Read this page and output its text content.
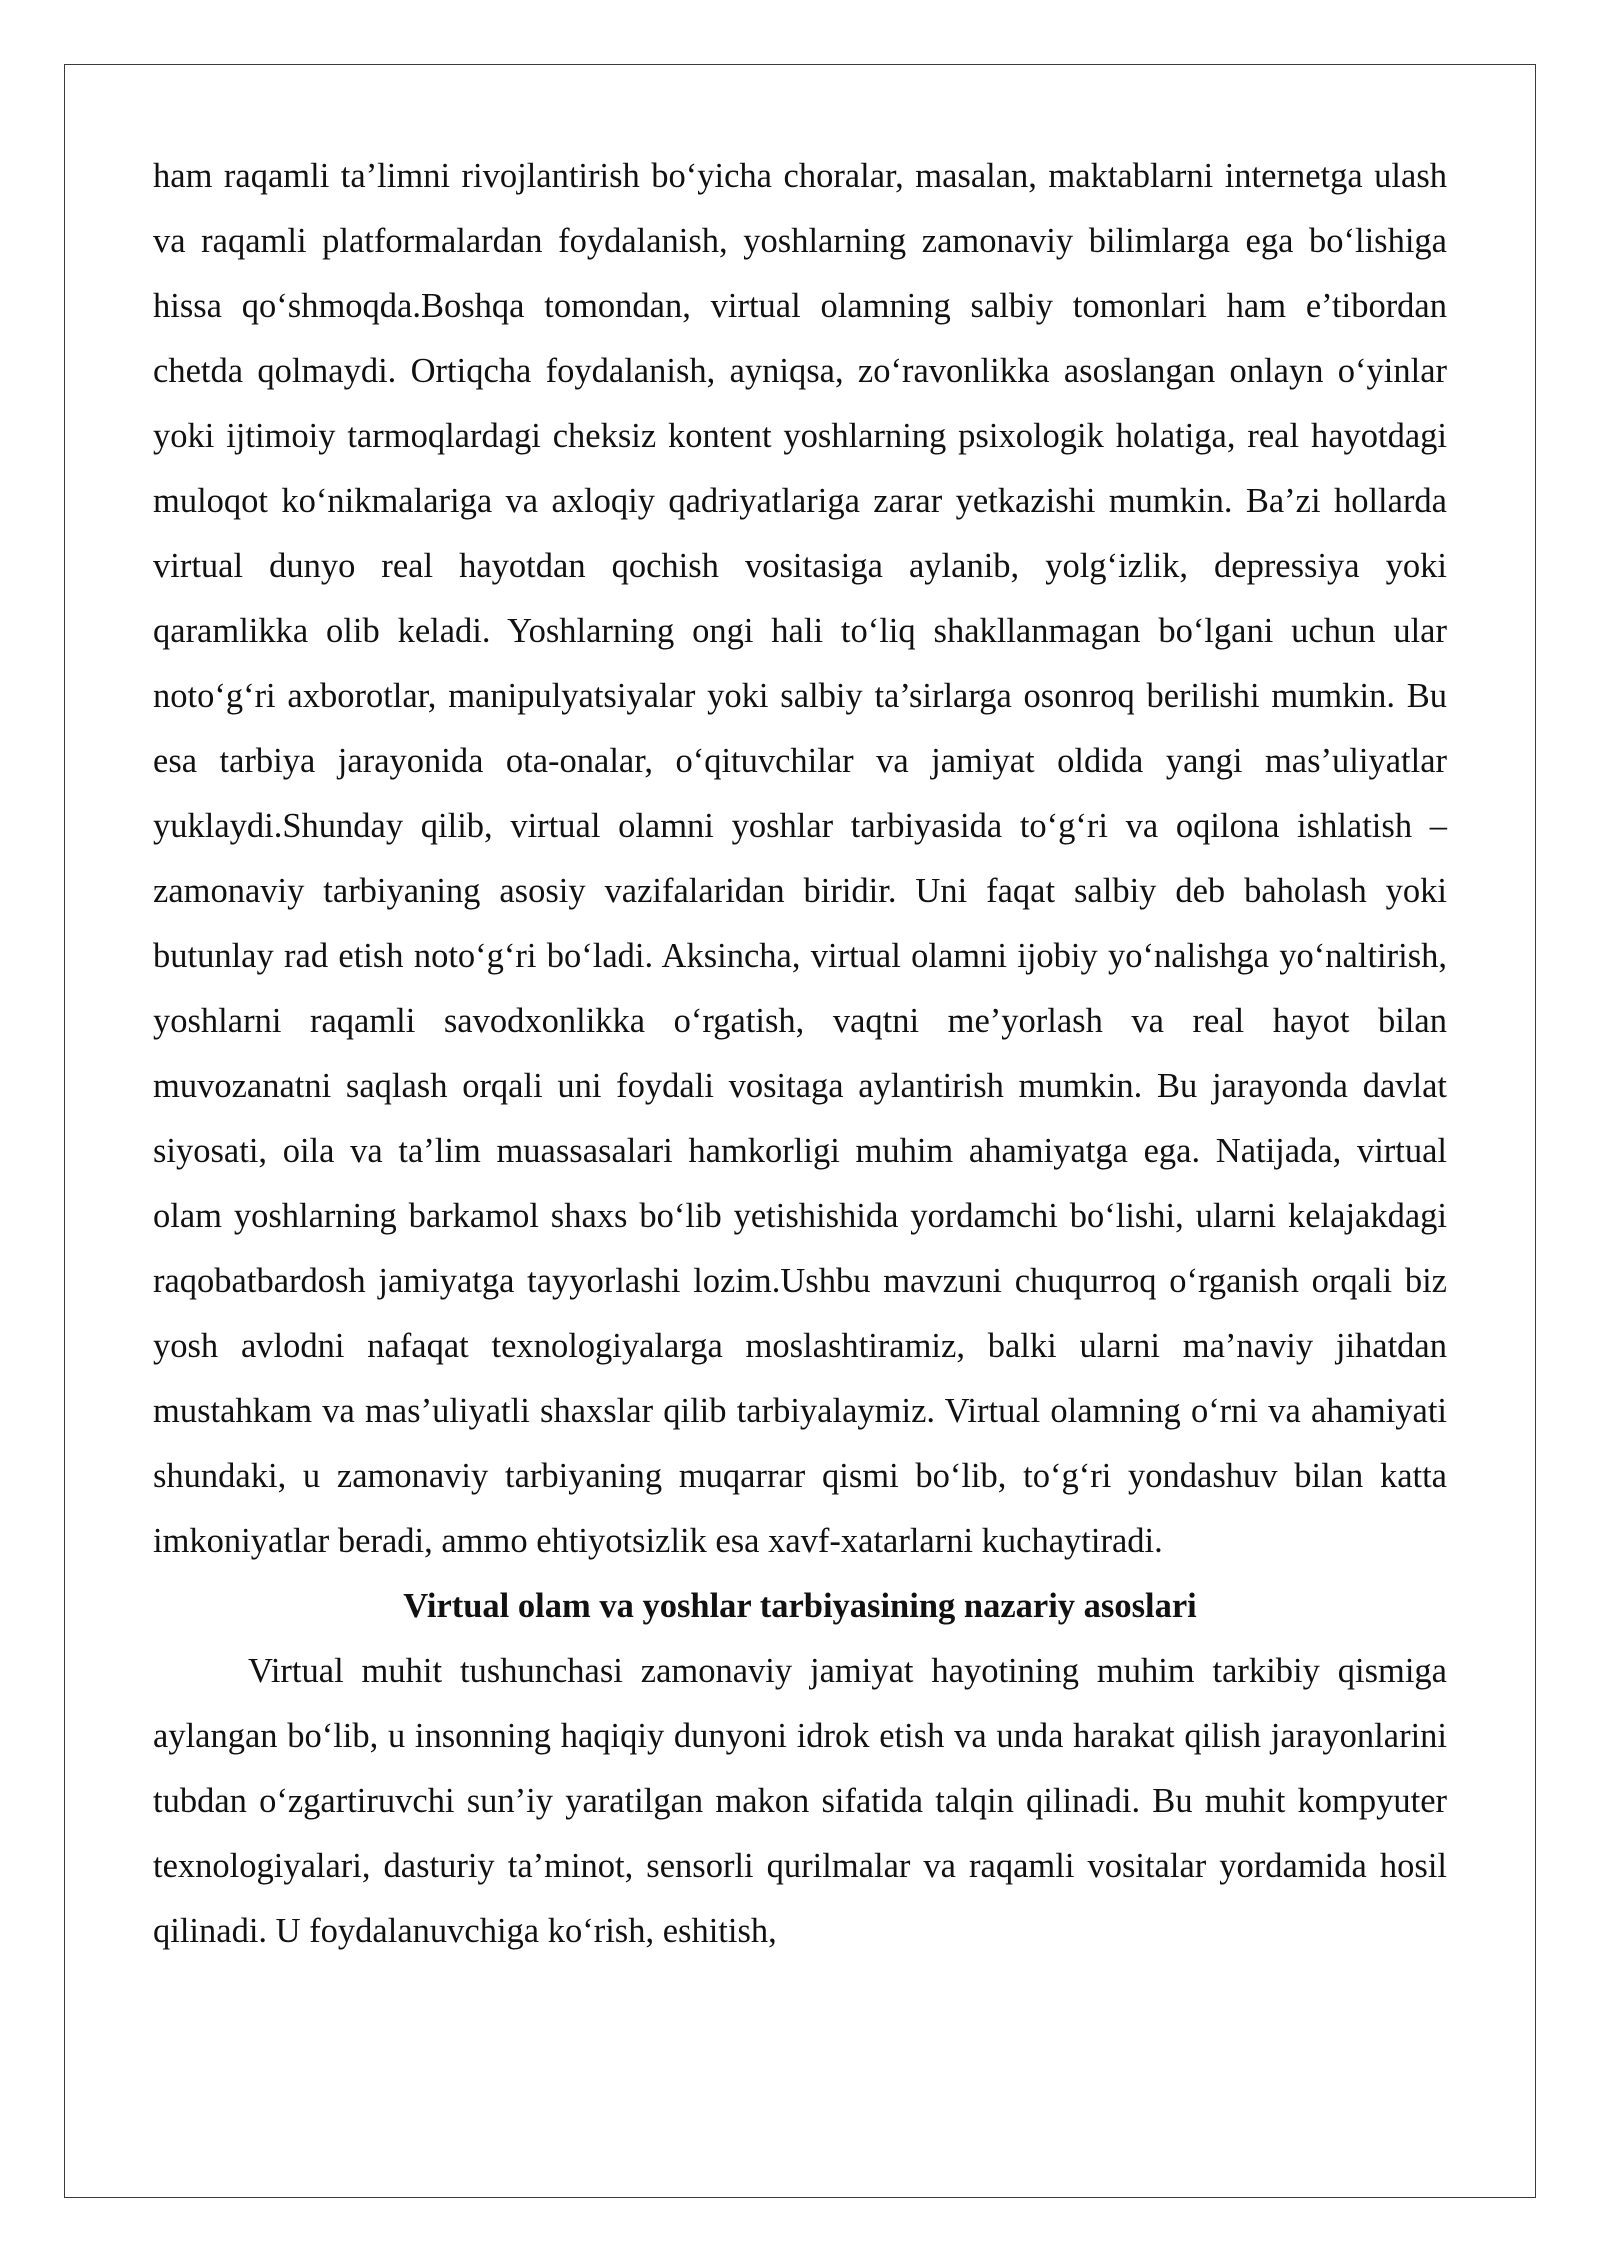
ham raqamli ta’limni rivojlantirish bo‘yicha choralar, masalan, maktablarni internetga ulash va raqamli platformalardan foydalanish, yoshlarning zamonaviy bilimlarga ega bo‘lishiga hissa qo‘shmoqda.Boshqa tomondan, virtual olamning salbiy tomonlari ham e’tibordan chetda qolmaydi. Ortiqcha foydalanish, ayniqsa, zo‘ravonlikka asoslangan onlayn o‘yinlar yoki ijtimoiy tarmoqlardagi cheksiz kontent yoshlarning psixologik holatiga, real hayotdagi muloqot ko‘nikmalariga va axloqiy qadriyatlariga zarar yetkazishi mumkin. Ba’zi hollarda virtual dunyo real hayotdan qochish vositasiga aylanib, yolg‘izlik, depressiya yoki qaramlikka olib keladi. Yoshlarning ongi hali to‘liq shakllanmagan bo‘lgani uchun ular noto‘g‘ri axborotlar, manipulyatsiyalar yoki salbiy ta’sirlarga osonroq berilishi mumkin. Bu esa tarbiya jarayonida ota-onalar, o‘qituvchilar va jamiyat oldida yangi mas’uliyatlar yuklaydi.Shunday qilib, virtual olamni yoshlar tarbiyasida to‘g‘ri va oqilona ishlatish – zamonaviy tarbiyaning asosiy vazifalaridan biridir. Uni faqat salbiy deb baholash yoki butunlay rad etish noto‘g‘ri bo‘ladi. Aksincha, virtual olamni ijobiy yo‘nalishga yo‘naltirish, yoshlarni raqamli savodxonlikka o‘rgatish, vaqtni me’yorlash va real hayot bilan muvozanatni saqlash orqali uni foydali vositaga aylantirish mumkin. Bu jarayonda davlat siyosati, oila va ta’lim muassasalari hamkorligi muhim ahamiyatga ega. Natijada, virtual olam yoshlarning barkamol shaxs bo‘lib yetishishida yordamchi bo‘lishi, ularni kelajakdagi raqobatbardosh jamiyatga tayyorlashi lozim.Ushbu mavzuni chuqurroq o‘rganish orqali biz yosh avlodni nafaqat texnologiyalarga moslashtiramiz, balki ularni ma’naviy jihatdan mustahkam va mas’uliyatli shaxslar qilib tarbiyalaymiz. Virtual olamning o‘rni va ahamiyati shundaki, u zamonaviy tarbiyaning muqarrar qismi bo‘lib, to‘g‘ri yondashuv bilan katta imkoniyatlar beradi, ammo ehtiyotsizlik esa xavf-xatarlarni kuchaytiradi.

Virtual olam va yoshlar tarbiyasining nazariy asoslari

Virtual muhit tushunchasi zamonaviy jamiyat hayotining muhim tarkibiy qismiga aylangan bo‘lib, u insonning haqiqiy dunyoni idrok etish va unda harakat qilish jarayonlarini tubdan o‘zgartiruvchi sun’iy yaratilgan makon sifatida talqin qilinadi. Bu muhit kompyuter texnologiyalari, dasturiy ta’minot, sensorli qurilmalar va raqamli vositalar yordamida hosil qilinadi. U foydalanuvchiga ko‘rish, eshitish,
